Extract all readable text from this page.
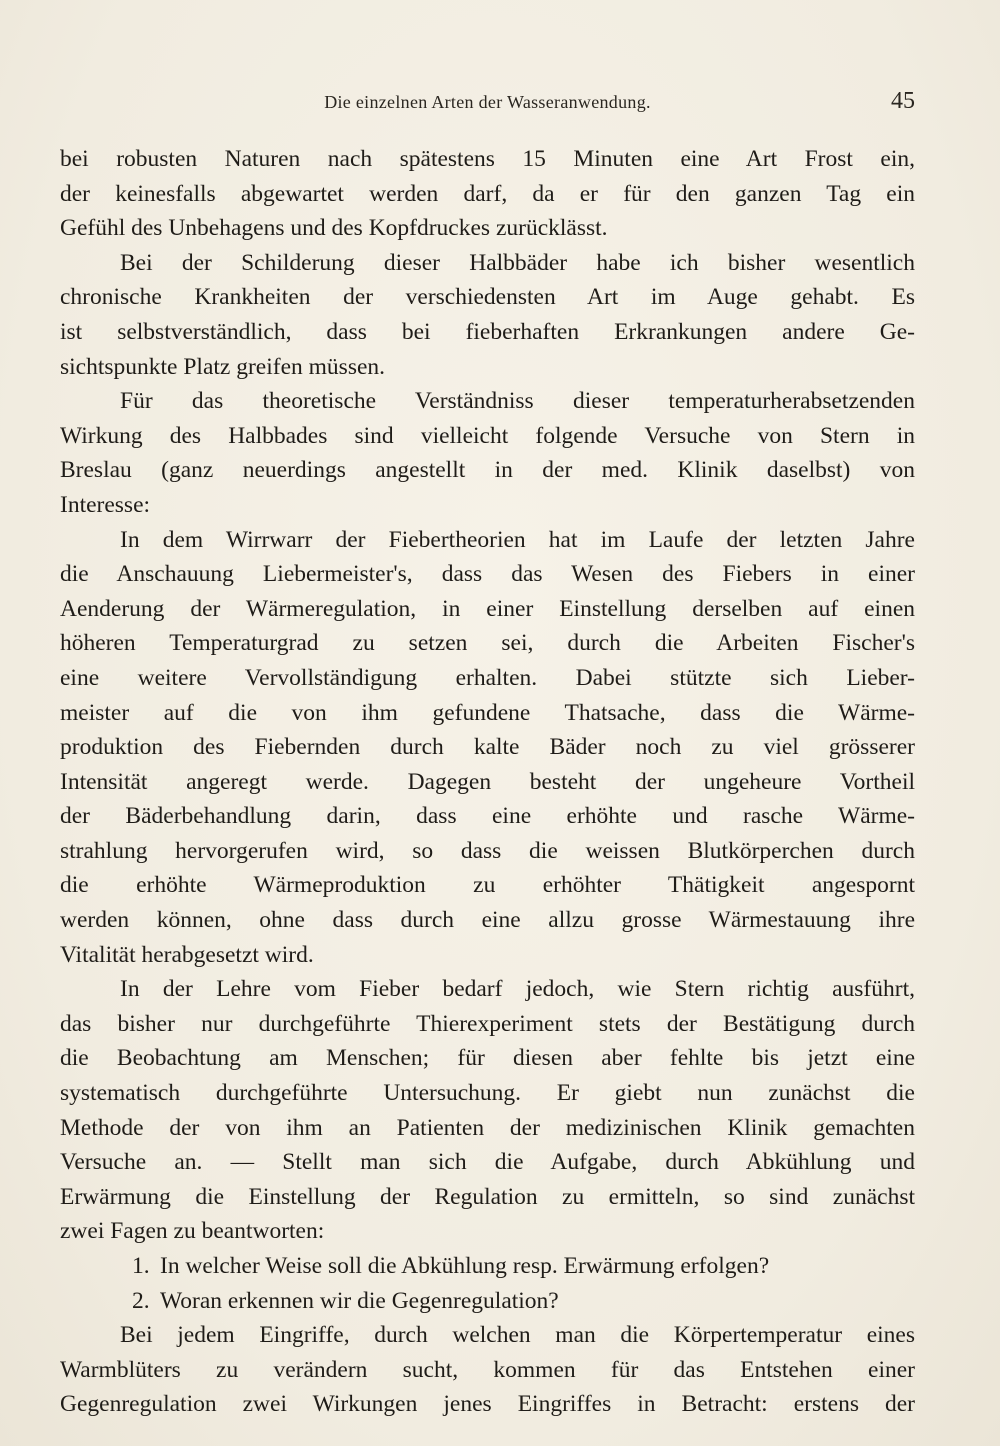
Die einzelnen Arten der Wasseranwendung.	45
bei robusten Naturen nach spätestens 15 Minuten eine Art Frost ein,
der keinesfalls abgewartet werden darf, da er für den ganzen Tag ein
Gefühl des Unbehagens und des Kopfdruckes zurücklässt.
Bei der Schilderung dieser Halbbäder habe ich bisher wesentlich
chronische Krankheiten der verschiedensten Art im Auge gehabt. Es
ist selbstverständlich, dass bei fieberhaften Erkrankungen andere Ge-
sichtspunkte Platz greifen müssen.
Für das theoretische Verständniss dieser temperaturherabsetzenden
Wirkung des Halbbades sind vielleicht folgende Versuche von Stern in
Breslau (ganz neuerdings angestellt in der med. Klinik daselbst) von
Interesse:
In dem Wirrwarr der Fiebertheorien hat im Laufe der letzten Jahre
die Anschauung Liebermeister's, dass das Wesen des Fiebers in einer
Aenderung der Wärmeregulation, in einer Einstellung derselben auf einen
höheren Temperaturgrad zu setzen sei, durch die Arbeiten Fischer's
eine weitere Vervollständigung erhalten. Dabei stützte sich Lieber-
meister auf die von ihm gefundene Thatsache, dass die Wärme-
produktion des Fiebernden durch kalte Bäder noch zu viel grösserer
Intensität angeregt werde. Dagegen besteht der ungeheure Vortheil
der Bäderbehandlung darin, dass eine erhöhte und rasche Wärme-
strahlung hervorgerufen wird, so dass die weissen Blutkörperchen durch
die erhöhte Wärmeproduktion zu erhöhter Thätigkeit angespornt
werden können, ohne dass durch eine allzu grosse Wärmestauung ihre
Vitalität herabgesetzt wird.
In der Lehre vom Fieber bedarf jedoch, wie Stern richtig ausführt,
das bisher nur durchgeführte Thierexperiment stets der Bestätigung durch
die Beobachtung am Menschen; für diesen aber fehlte bis jetzt eine
systematisch durchgeführte Untersuchung. Er giebt nun zunächst die
Methode der von ihm an Patienten der medizinischen Klinik gemachten
Versuche an. — Stellt man sich die Aufgabe, durch Abkühlung und
Erwärmung die Einstellung der Regulation zu ermitteln, so sind zunächst
zwei Fagen zu beantworten:
1. In welcher Weise soll die Abkühlung resp. Erwärmung erfolgen?
2. Woran erkennen wir die Gegenregulation?
Bei jedem Eingriffe, durch welchen man die Körpertemperatur eines
Warmblüters zu verändern sucht, kommen für das Entstehen einer
Gegenregulation zwei Wirkungen jenes Eingriffes in Betracht: erstens der
